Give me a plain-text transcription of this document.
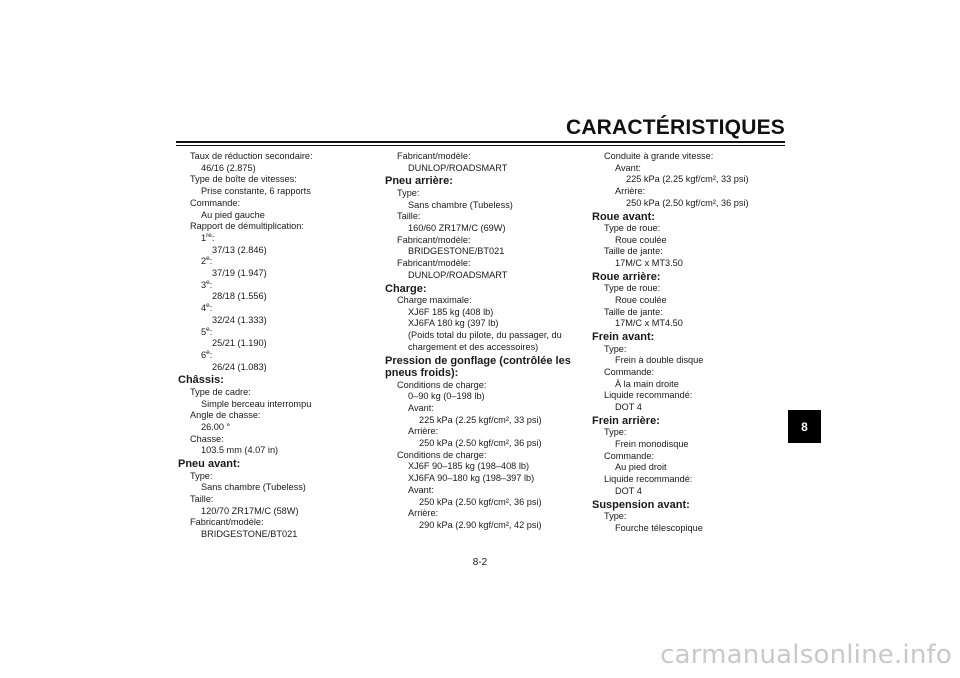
CARACTÉRISTIQUES
Taux de réduction secondaire:
46/16 (2.875)
Type de boîte de vitesses:
Prise constante, 6 rapports
Commande:
Au pied gauche
Rapport de démultiplication:
1re:
37/13 (2.846)
2e:
37/19 (1.947)
3e:
28/18 (1.556)
4e:
32/24 (1.333)
5e:
25/21 (1.190)
6e:
26/24 (1.083)
Châssis:
Type de cadre:
Simple berceau interrompu
Angle de chasse:
26.00 °
Chasse:
103.5 mm (4.07 in)
Pneu avant:
Type:
Sans chambre (Tubeless)
Taille:
120/70 ZR17M/C (58W)
Fabricant/modèle:
BRIDGESTONE/BT021
Fabricant/modèle:
DUNLOP/ROADSMART
Pneu arrière:
Type:
Sans chambre (Tubeless)
Taille:
160/60 ZR17M/C (69W)
Fabricant/modèle:
BRIDGESTONE/BT021
Fabricant/modèle:
DUNLOP/ROADSMART
Charge:
Charge maximale:
XJ6F 185 kg (408 lb)
XJ6FA 180 kg (397 lb)
(Poids total du pilote, du passager, du
chargement et des accessoires)
Pression de gonflage (contrôlée les pneus froids):
Conditions de charge:
0–90 kg (0–198 lb)
Avant:
225 kPa (2.25 kgf/cm², 33 psi)
Arrière:
250 kPa (2.50 kgf/cm², 36 psi)
Conditions de charge:
XJ6F 90–185 kg (198–408 lb)
XJ6FA 90–180 kg (198–397 lb)
Avant:
250 kPa (2.50 kgf/cm², 36 psi)
Arrière:
290 kPa (2.90 kgf/cm², 42 psi)
Conduite à grande vitesse:
Avant:
225 kPa (2.25 kgf/cm², 33 psi)
Arrière:
250 kPa (2.50 kgf/cm², 36 psi)
Roue avant:
Type de roue:
Roue coulée
Taille de jante:
17M/C x MT3.50
Roue arrière:
Type de roue:
Roue coulée
Taille de jante:
17M/C x MT4.50
Frein avant:
Type:
Frein à double disque
Commande:
À la main droite
Liquide recommandé:
DOT 4
Frein arrière:
Type:
Frein monodisque
Commande:
Au pied droit
Liquide recommandé:
DOT 4
Suspension avant:
Type:
Fourche télescopique
8
8-2
carmanualsonline.info
